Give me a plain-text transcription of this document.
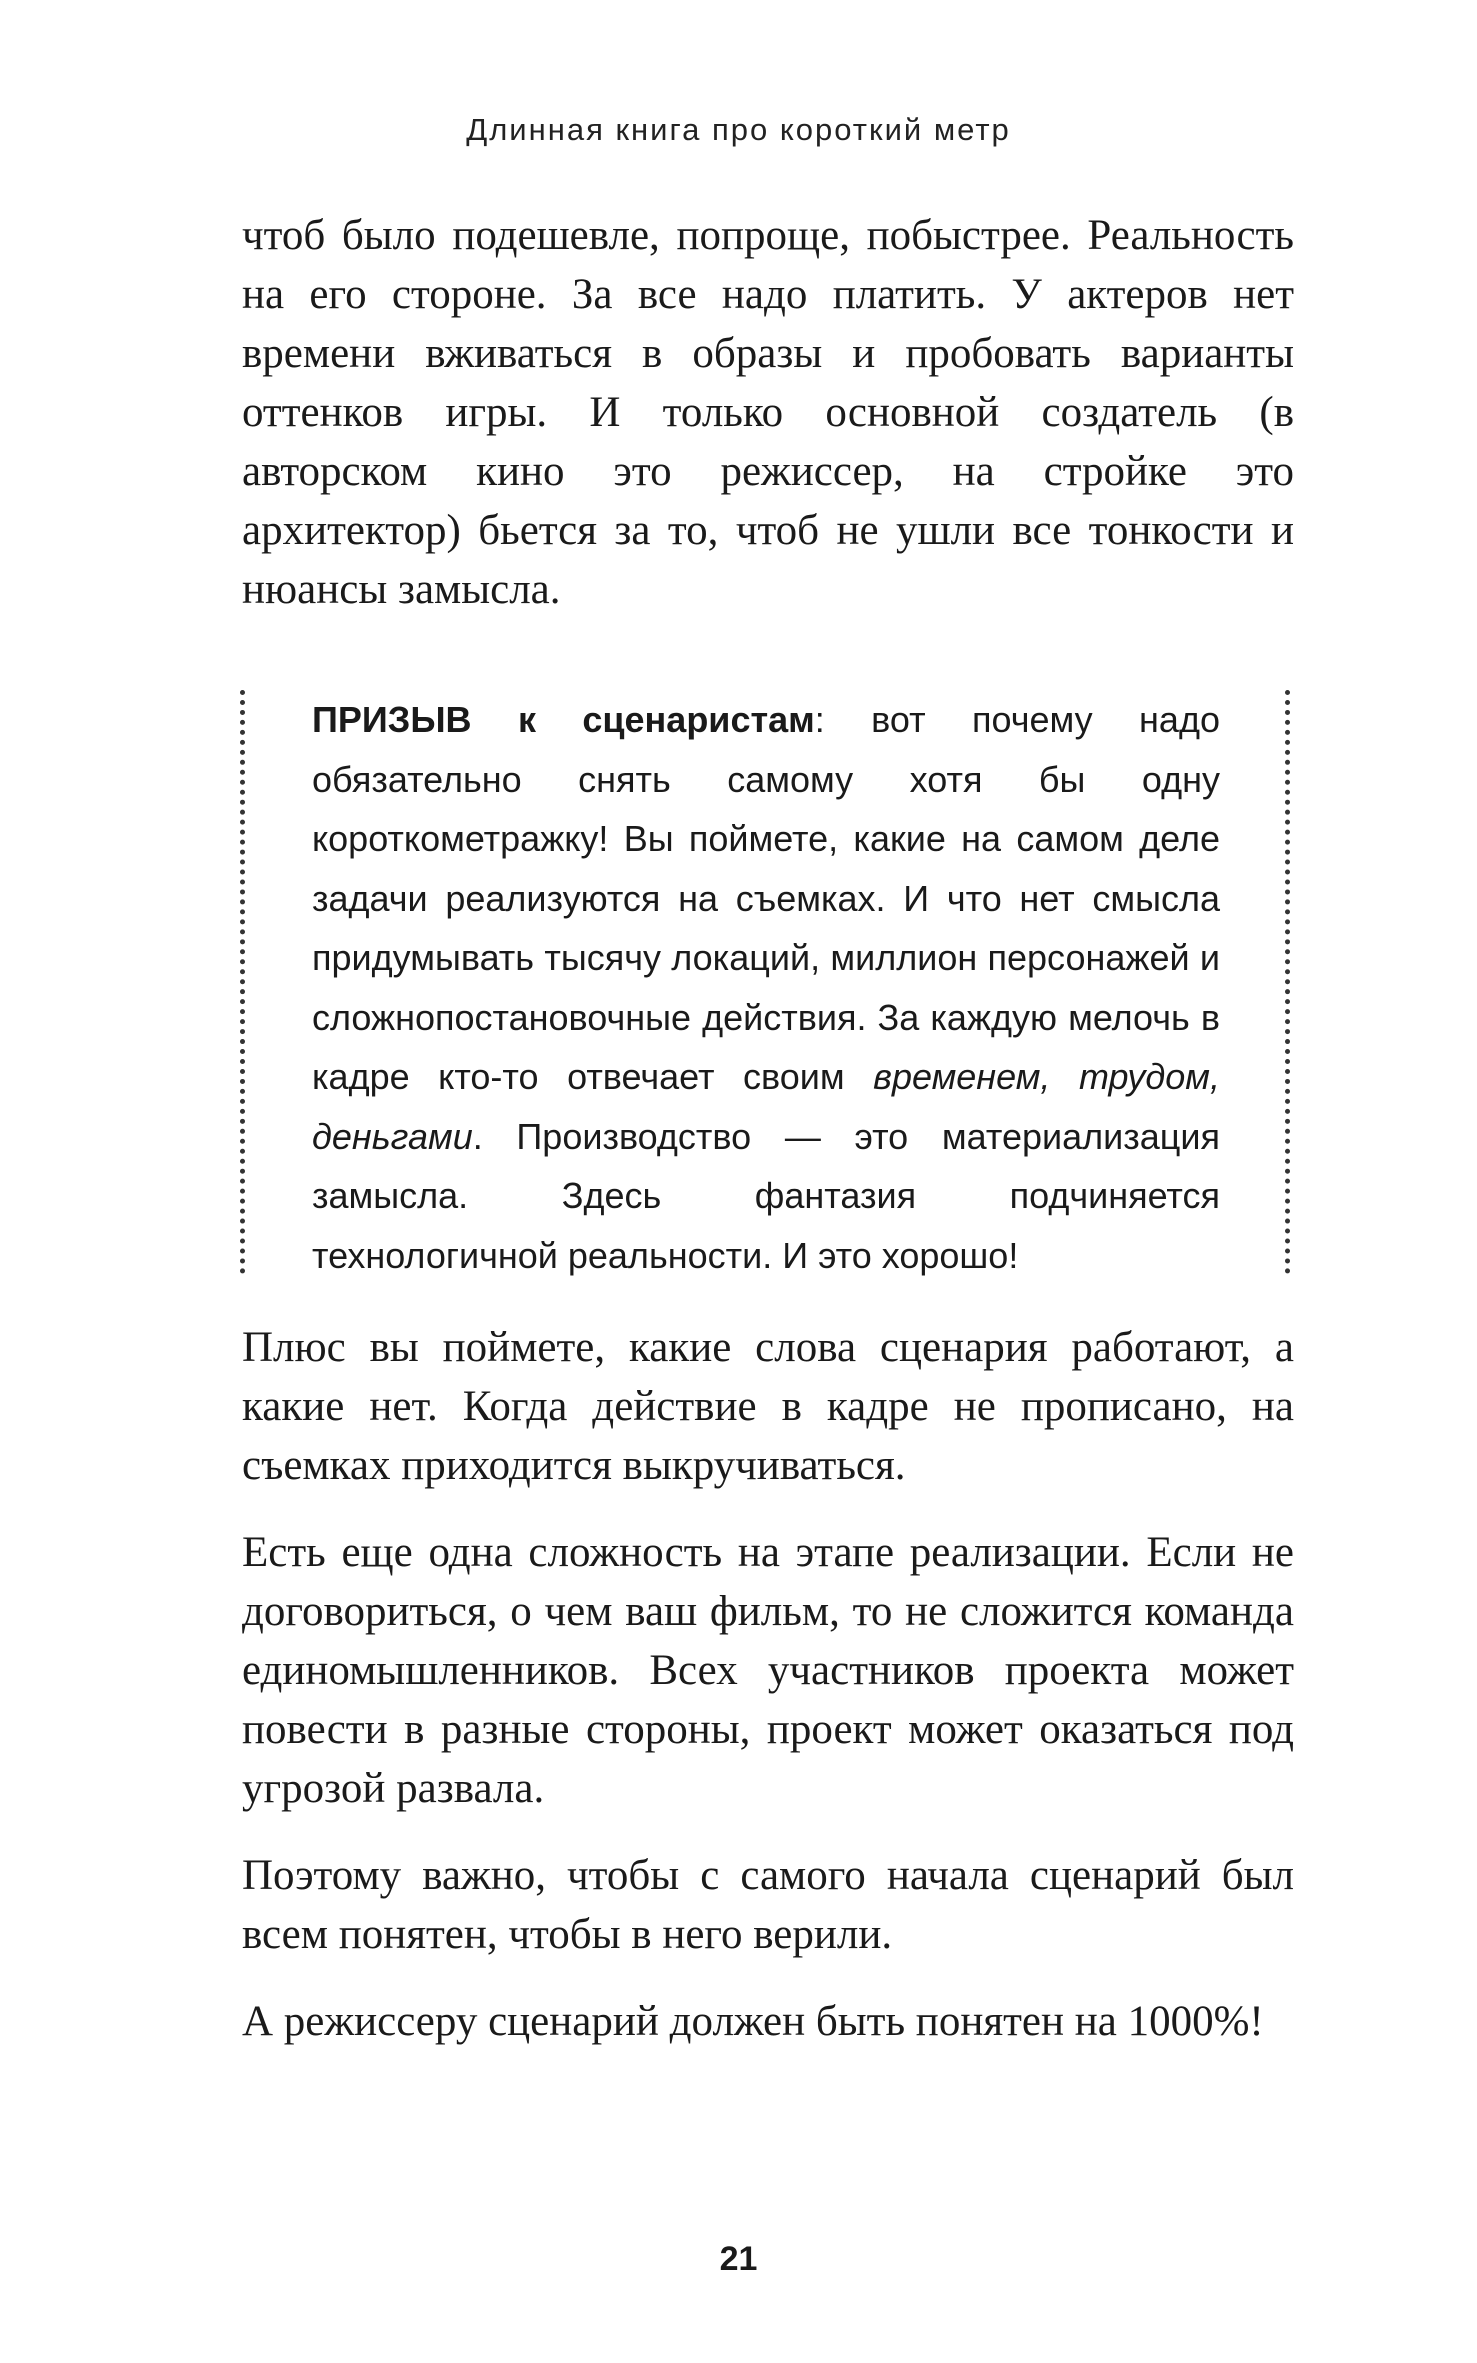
Длинная книга про короткий метр

чтоб было подешевле, попроще, побыстрее. Реальность на его стороне. За все надо платить. У актеров нет времени вживаться в образы и пробовать варианты оттенков игры. И только основной создатель (в авторском кино это режиссер, на стройке это архитектор) бьется за то, чтоб не ушли все тонкости и нюансы замысла.

ПРИЗЫВ к сценаристам: вот почему надо обязательно снять самому хотя бы одну короткометражку! Вы поймете, какие на самом деле задачи реализуются на съемках. И что нет смысла придумывать тысячу локаций, миллион персонажей и сложнопостановочные действия. За каждую мелочь в кадре кто-то отвечает своим временем, трудом, деньгами. Производство — это материализация замысла. Здесь фантазия подчиняется технологичной реальности. И это хорошо!

Плюс вы поймете, какие слова сценария работают, а какие нет. Когда действие в кадре не прописано, на съемках приходится выкручиваться.

Есть еще одна сложность на этапе реализации. Если не договориться, о чем ваш фильм, то не сложится команда единомышленников. Всех участников проекта может повести в разные стороны, проект может оказаться под угрозой развала.

Поэтому важно, чтобы с самого начала сценарий был всем понятен, чтобы в него верили.

А режиссеру сценарий должен быть понятен на 1000%!

21
